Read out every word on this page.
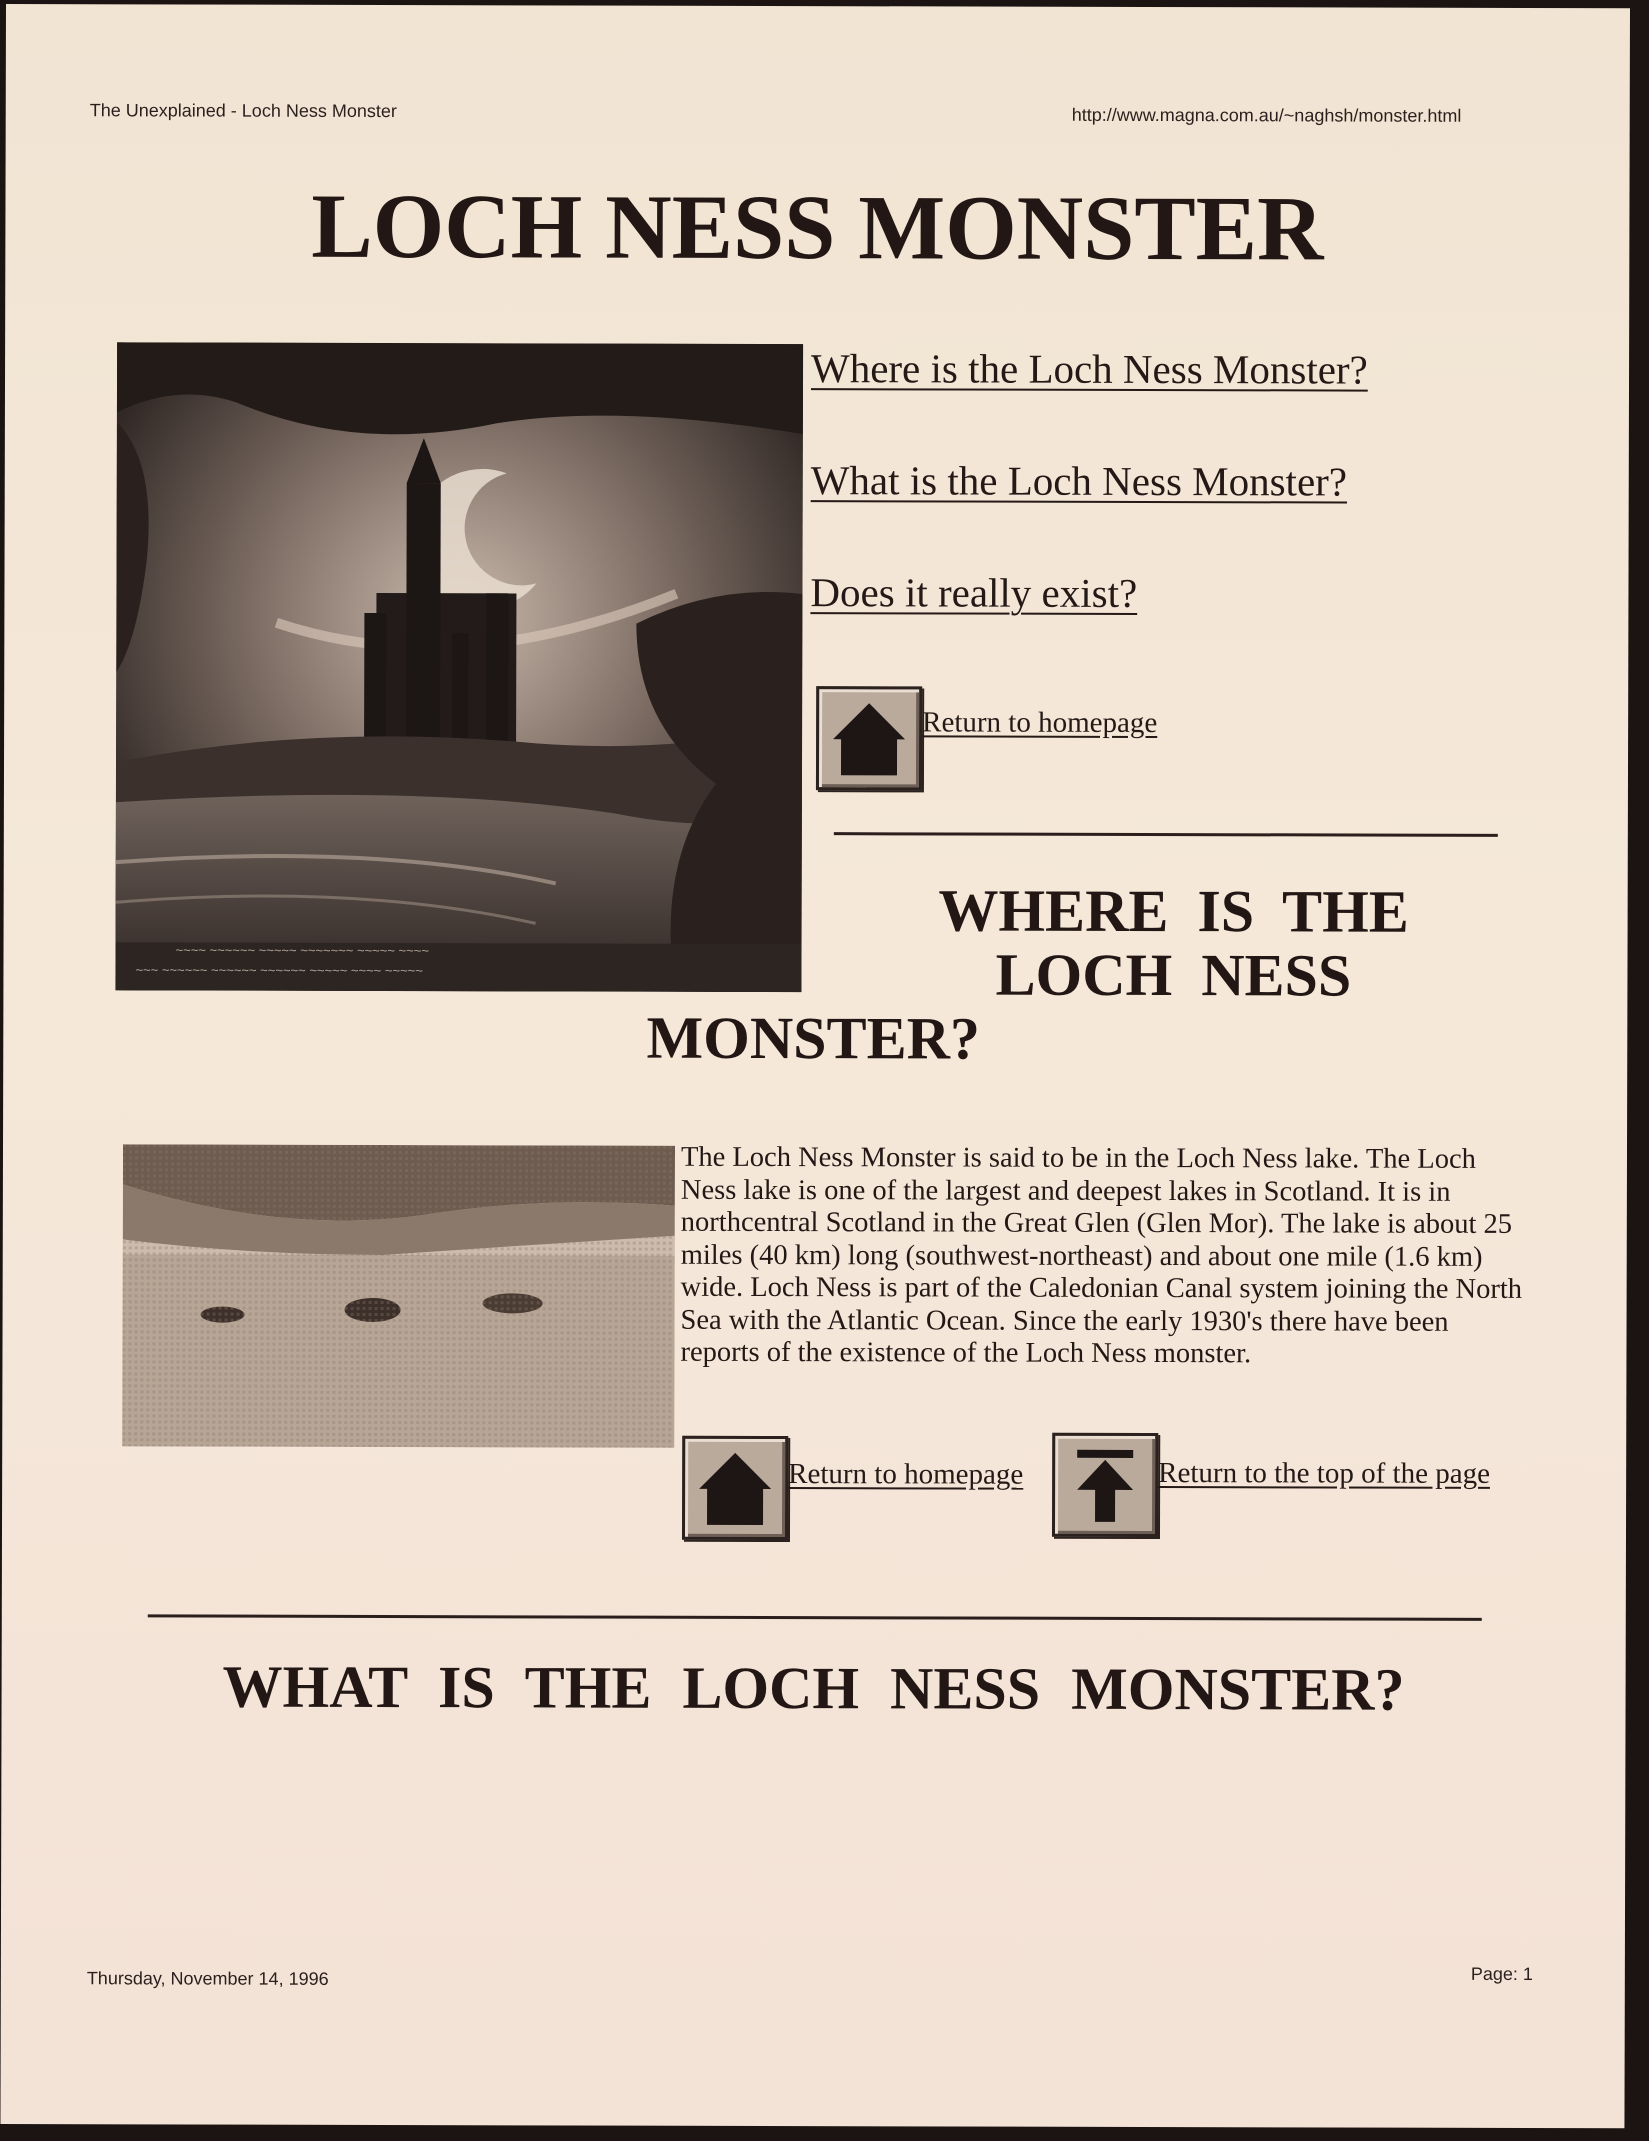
The Unexplained - Loch Ness Monster	http://www.magna.com.au/~naghsh/monster.html
LOCH NESS MONSTER
~~~~ ~~~~~~ ~~~~~ ~~~~~~~ ~~~~~ ~~~~
~~~ ~~~~~~ ~~~~~~ ~~~~~~ ~~~~~ ~~~~ ~~~~~
Where is the Loch Ness Monster?
What is the Loch Ness Monster?
Does it really exist?
Return to homepage
WHERE IS THE
LOCH NESS
MONSTER?

The Loch Ness Monster is said to be in the Loch Ness lake. The Loch Ness lake is one of the largest and deepest lakes in Scotland. It is in northcentral Scotland in the Great Glen (Glen Mor). The lake is about 25 miles (40 km) long (southwest-northeast) and about one mile (1.6 km) wide. Loch Ness is part of the Caledonian Canal system joining the North Sea with the Atlantic Ocean. Since the early 1930's there have been reports of the existence of the Loch Ness monster.

Return to homepage	Return to the top of the page
WHAT IS THE LOCH NESS MONSTER?
Thursday, November 14, 1996	Page: 1
